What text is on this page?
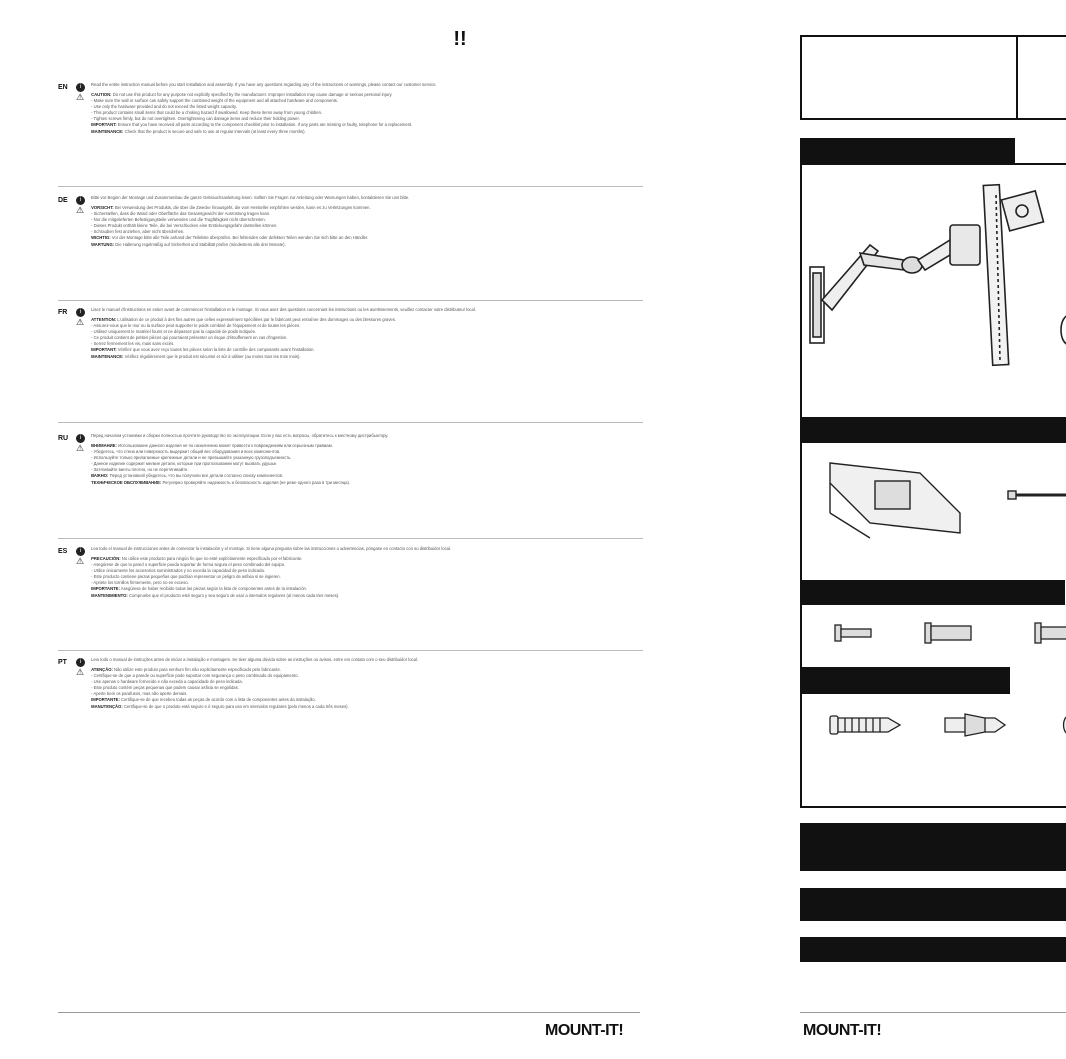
!!
EN	i	Read the entire instruction manual before you start installation and assembly. If you have any questions regarding any of the instructions or warnings, please contact our customer service.
⚠ CAUTION: Do not use this product for any purpose not explicitly specified by the manufacturer. Improper installation may cause damage or serious personal injury.
- Make sure the wall or surface can safely support the combined weight of the equipment and all attached hardware and components.
- Use only the hardware provided and do not exceed the listed weight capacity.
- This product contains small items that could be a choking hazard if swallowed. Keep these items away from young children.
- Tighten screws firmly, but do not overtighten. Overtightening can damage items and reduce their holding power.
IMPORTANT: Ensure that you have received all parts according to the component checklist prior to installation. If any parts are missing or faulty, telephone for a replacement.
MAINTENANCE: Check that the product is secure and safe to use at regular intervals (at least every three months).
DE	i	Bitte vor Beginn der Montage und Zusammenbau die ganze Gebrauchsanleitung lesen. Sollten Sie Fragen zur Anleitung oder Warnungen haben, kontaktieren Sie uns bitte.
⚠ VORSICHT: Bei Verwendung des Produkts, die über die Zwecke hinausgeht, die vom Hersteller empfohlen werden, kann es zu Verletzungen kommen.
- Sicherstellen, dass die Wand oder Oberfläche das Gesamtgewicht der Ausrüstung tragen kann.
- Nur die mitgelieferten Befestigungsteile verwenden und die Tragfähigkeit nicht überschreiten.
- Dieses Produkt enthält kleine Teile, die bei Verschlucken eine Erstickungsgefahr darstellen können.
- Schrauben fest anziehen, aber nicht überdrehen.
WICHTIG: Vor der Montage bitte alle Teile anhand der Teileliste überprüfen. Bei fehlenden oder defekten Teilen wenden Sie sich bitte an den Händler.
WARTUNG: Die Halterung regelmäßig auf Sicherheit und Stabilität prüfen (mindestens alle drei Monate).
FR	i	Lisez le manuel d'instructions en entier avant de commencer l'installation et le montage. Si vous avez des questions concernant les instructions ou les avertissements, veuillez contacter votre distributeur local.
⚠ ATTENTION: L'utilisation de ce produit à des fins autres que celles expressément spécifiées par le fabricant peut entraîner des dommages ou des blessures graves.
- Assurez-vous que le mur ou la surface peut supporter le poids combiné de l'équipement et de toutes les pièces.
- Utilisez uniquement le matériel fourni et ne dépassez pas la capacité de poids indiquée.
- Ce produit contient de petites pièces qui pourraient présenter un risque d'étouffement en cas d'ingestion.
- Serrez fermement les vis, mais sans excès.
IMPORTANT: Vérifiez que vous avez reçu toutes les pièces selon la liste de contrôle des composants avant l'installation.
MAINTENANCE: Vérifiez régulièrement que le produit est sécurisé et sûr à utiliser (au moins tous les trois mois).
RU	i	Перед началом установки и сборки полностью прочтите руководство по эксплуатации. Если у вас есть вопросы, обратитесь к местному дистрибьютору.
⚠ ВНИМАНИЕ: Использование данного изделия не по назначению может привести к повреждениям или серьезным травмам.
- Убедитесь, что стена или поверхность выдержит общий вес оборудования и всех компонентов.
- Используйте только прилагаемые крепежные детали и не превышайте указанную грузоподъемность.
- Данное изделие содержит мелкие детали, которые при проглатывании могут вызвать удушье.
- Затягивайте винты плотно, но не перетягивайте.
ВАЖНО: Перед установкой убедитесь, что вы получили все детали согласно списку компонентов.
ТЕХНИЧЕСКОЕ ОБСЛУЖИВАНИЕ: Регулярно проверяйте надежность и безопасность изделия (не реже одного раза в три месяца).
ES	i	Lea todo el manual de instrucciones antes de comenzar la instalación y el montaje. Si tiene alguna pregunta sobre las instrucciones o advertencias, póngase en contacto con su distribuidor local.
⚠ PRECAUCIÓN: No utilice este producto para ningún fin que no esté explícitamente especificado por el fabricante.
- Asegúrese de que la pared o superficie pueda soportar de forma segura el peso combinado del equipo.
- Utilice únicamente los accesorios suministrados y no exceda la capacidad de peso indicada.
- Este producto contiene piezas pequeñas que podrían representar un peligro de asfixia si se ingieren.
- Apriete los tornillos firmemente, pero no en exceso.
IMPORTANTE: Asegúrese de haber recibido todas las piezas según la lista de componentes antes de la instalación.
MANTENIMIENTO: Compruebe que el producto esté seguro y sea seguro de usar a intervalos regulares (al menos cada tres meses).
PT	i	Leia todo o manual de instruções antes de iniciar a instalação e montagem. Se tiver alguma dúvida sobre as instruções ou avisos, entre em contato com o seu distribuidor local.
⚠ ATENÇÃO: Não utilize este produto para nenhum fim não explicitamente especificado pelo fabricante.
- Certifique-se de que a parede ou superfície pode suportar com segurança o peso combinado do equipamento.
- Use apenas o hardware fornecido e não exceda a capacidade de peso indicada.
- Este produto contém peças pequenas que podem causar asfixia se engolidas.
- Aperte bem os parafusos, mas não aperte demais.
IMPORTANTE: Certifique-se de que recebeu todas as peças de acordo com a lista de componentes antes da instalação.
MANUTENÇÃO: Certifique-se de que o produto está seguro e é seguro para uso em intervalos regulares (pelo menos a cada três meses).
MOUNT-IT!	MOUNT-IT!
